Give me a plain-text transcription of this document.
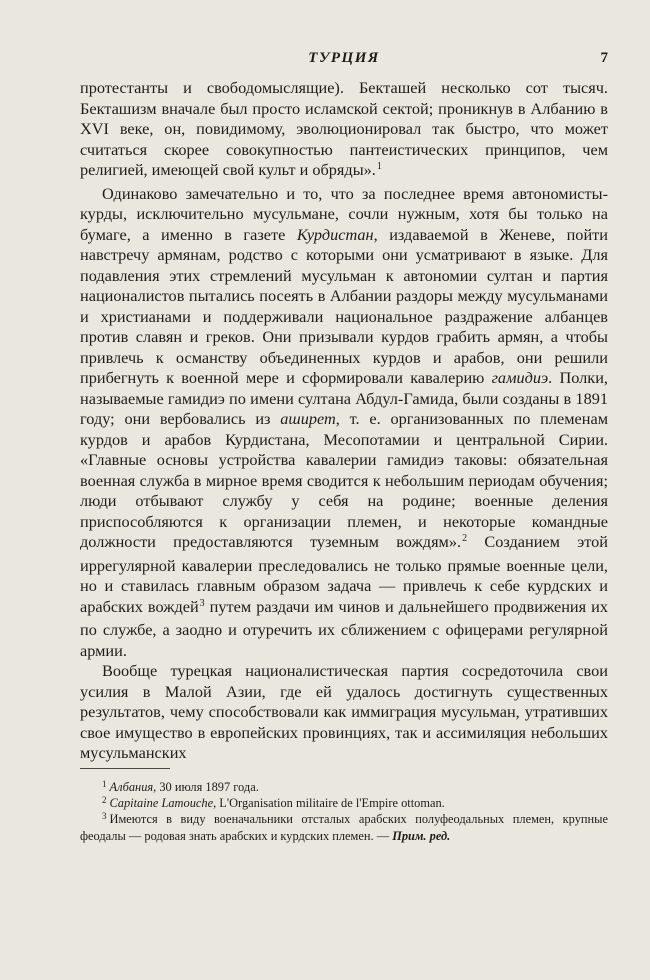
ТУРЦИЯ	7

протестанты и свободомыслящие). Бекташей несколько сот тысяч. Бекташизм вначале был просто исламской сектой; проникнув в Албанию в XVI веке, он, повидимому, эволюционировал так быстро, что может считаться скорее совокупностью пантеистических принципов, чем религией, имеющей свой культ и обряды».$^1$

Одинаково замечательно и то, что за последнее время автономисты-курды, исключительно мусульмане, сочли нужным, хотя бы только на бумаге, а именно в газете Курдистан, издаваемой в Женеве, пойти навстречу армянам, родство с которыми они усматривают в языке. Для подавления этих стремлений мусульман к автономии султан и партия националистов пытались посеять в Албании раздоры между мусульманами и христианами и поддерживали национальное раздражение албанцев против славян и греков. Они призывали курдов грабить армян, а чтобы привлечь к османству объединенных курдов и арабов, они решили прибегнуть к военной мере и сформировали кавалерию гамидиэ. Полки, называемые гамидиэ по имени султана Абдул-Гамида, были созданы в 1891 году; они вербовались из аширет, т. е. организованных по племенам курдов и арабов Курдистана, Месопотамии и центральной Сирии. «Главные основы устройства кавалерии гамидиэ таковы: обязательная военная служба в мирное время сводится к небольшим периодам обучения; люди отбывают службу у себя на родине; военные деления приспособляются к организации племен, и некоторые командные должности предоставляются туземным вождям».$^2$ Созданием этой иррегулярной кавалерии преследовались не только прямые военные цели, но и ставилась главным образом задача — привлечь к себе курдских и арабских вождей$^3$ путем раздачи им чинов и дальнейшего продвижения их по службе, а заодно и отуречить их сближением с офицерами регулярной армии.

Вообще турецкая националистическая партия сосредоточила свои усилия в Малой Азии, где ей удалось достигнуть существенных результатов, чему способствовали как иммиграция мусульман, утративших свое имущество в европейских провинциях, так и ассимиляция небольших мусульманских

$^1$ Албания, 30 июля 1897 года.

$^2$ Capitaine Lamouche, L'Organisation militaire de l'Empire ottoman.

$^3$ Имеются в виду военачальники отсталых арабских полуфеодальных племен, крупные феодалы — родовая знать арабских и курдских племен. — Прим. ред.
